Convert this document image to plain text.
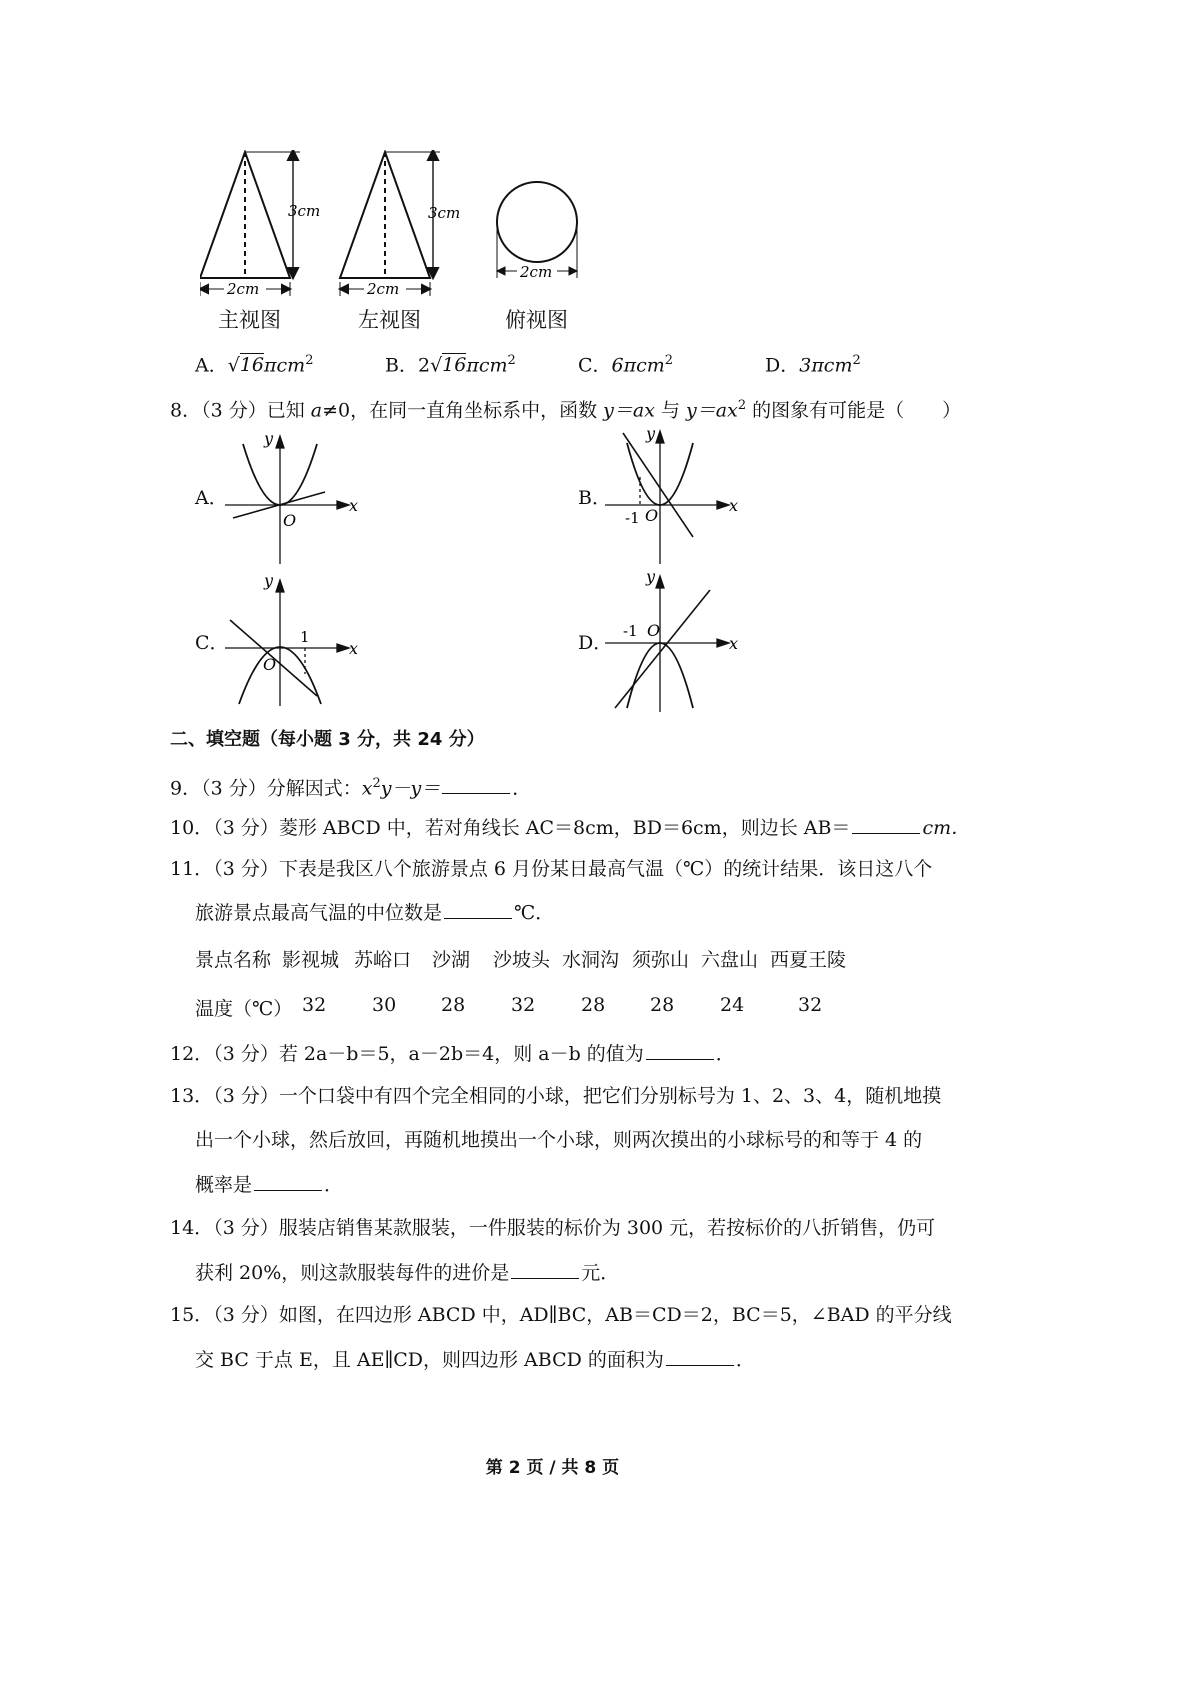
3cm
2cm
3cm
2cm
2cm
主视图	左视图	俯视图
A．√16πcm$^2$	B．2√16πcm$^2$	C．6πcm$^2$	D．3πcm$^2$
8．（3 分）已知 a≠0，在同一直角坐标系中，函数 y＝ax 与 $y=ax^2$ 的图象有可能是（　　）
A．	B．
C．	D．
x
y
O
x
y
O
-1
x
y
O
1	x
y
O
-1
二、填空题（每小题 3 分，共 24 分）
9．（3 分）分解因式：$x^2y-y=$	．
10．（3 分）菱形 ABCD 中，若对角线长 AC＝8cm，BD＝6cm，则边长 AB＝	cm．
11．（3 分）下表是我区八个旅游景点 6 月份某日最高气温（℃）的统计结果．该日这八个
旅游景点最高气温的中位数是	℃．
景点名称 影视城 苏峪口 沙湖 沙坡头 水洞沟 须弥山 六盘山 西夏王陵
温度（℃） 32 30 28 32 28 28 24	32
12．（3 分）若 2a－b＝5，a－2b＝4，则 a－b 的值为	．
13．（3 分）一个口袋中有四个完全相同的小球，把它们分别标号为 1、2、3、4，随机地摸
出一个小球，然后放回，再随机地摸出一个小球，则两次摸出的小球标号的和等于 4 的
概率是	．
14．（3 分）服装店销售某款服装，一件服装的标价为 300 元，若按标价的八折销售，仍可
获利 20%，则这款服装每件的进价是	元．
15．（3 分）如图，在四边形 ABCD 中，AD∥BC，AB＝CD＝2，BC＝5，∠BAD 的平分线
交 BC 于点 E，且 AE∥CD，则四边形 ABCD 的面积为	．
第 2 页 / 共 8 页
